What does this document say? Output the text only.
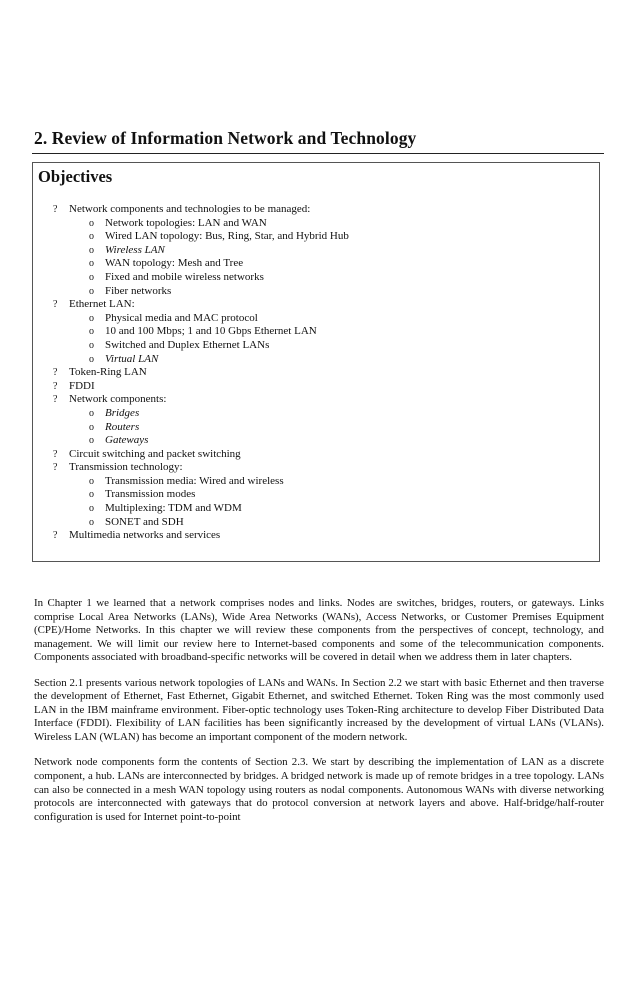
2. Review of Information Network and Technology
Objectives
? Network components and technologies to be managed:
o Network topologies: LAN and WAN
o Wired LAN topology: Bus, Ring, Star, and Hybrid Hub
o Wireless LAN
o WAN topology: Mesh and Tree
o Fixed and mobile wireless networks
o Fiber networks
? Ethernet LAN:
o Physical media and MAC protocol
o 10 and 100 Mbps; 1 and 10 Gbps Ethernet LAN
o Switched and Duplex Ethernet LANs
o Virtual LAN
? Token-Ring LAN
? FDDI
? Network components:
o Bridges
o Routers
o Gateways
? Circuit switching and packet switching
? Transmission technology:
o Transmission media: Wired and wireless
o Transmission modes
o Multiplexing: TDM and WDM
o SONET and SDH
? Multimedia networks and services

In Chapter 1 we learned that a network comprises nodes and links. Nodes are switches, bridges, routers, or gateways. Links comprise Local Area Networks (LANs), Wide Area Networks (WANs), Access Networks, or Customer Premises Equipment (CPE)/Home Networks. In this chapter we will review these components from the perspectives of concept, technology, and management. We will limit our review here to Internet-based components and some of the telecommunication components. Components associated with broadband-specific networks will be covered in detail when we address them in later chapters.

Section 2.1 presents various network topologies of LANs and WANs. In Section 2.2 we start with basic Ethernet and then traverse the development of Ethernet, Fast Ethernet, Gigabit Ethernet, and switched Ethernet. Token Ring was the most commonly used LAN in the IBM mainframe environment. Fiber-optic technology uses Token-Ring architecture to develop Fiber Distributed Data Interface (FDDI). Flexibility of LAN facilities has been significantly increased by the development of virtual LANs (VLANs). Wireless LAN (WLAN) has become an important component of the modern network.

Network node components form the contents of Section 2.3. We start by describing the implementation of LAN as a discrete component, a hub. LANs are interconnected by bridges. A bridged network is made up of remote bridges in a tree topology. LANs can also be connected in a mesh WAN topology using routers as nodal components. Autonomous WANs with diverse networking protocols are interconnected with gateways that do protocol conversion at network layers and above. Half-bridge/half-router configuration is used for Internet point-to-point
